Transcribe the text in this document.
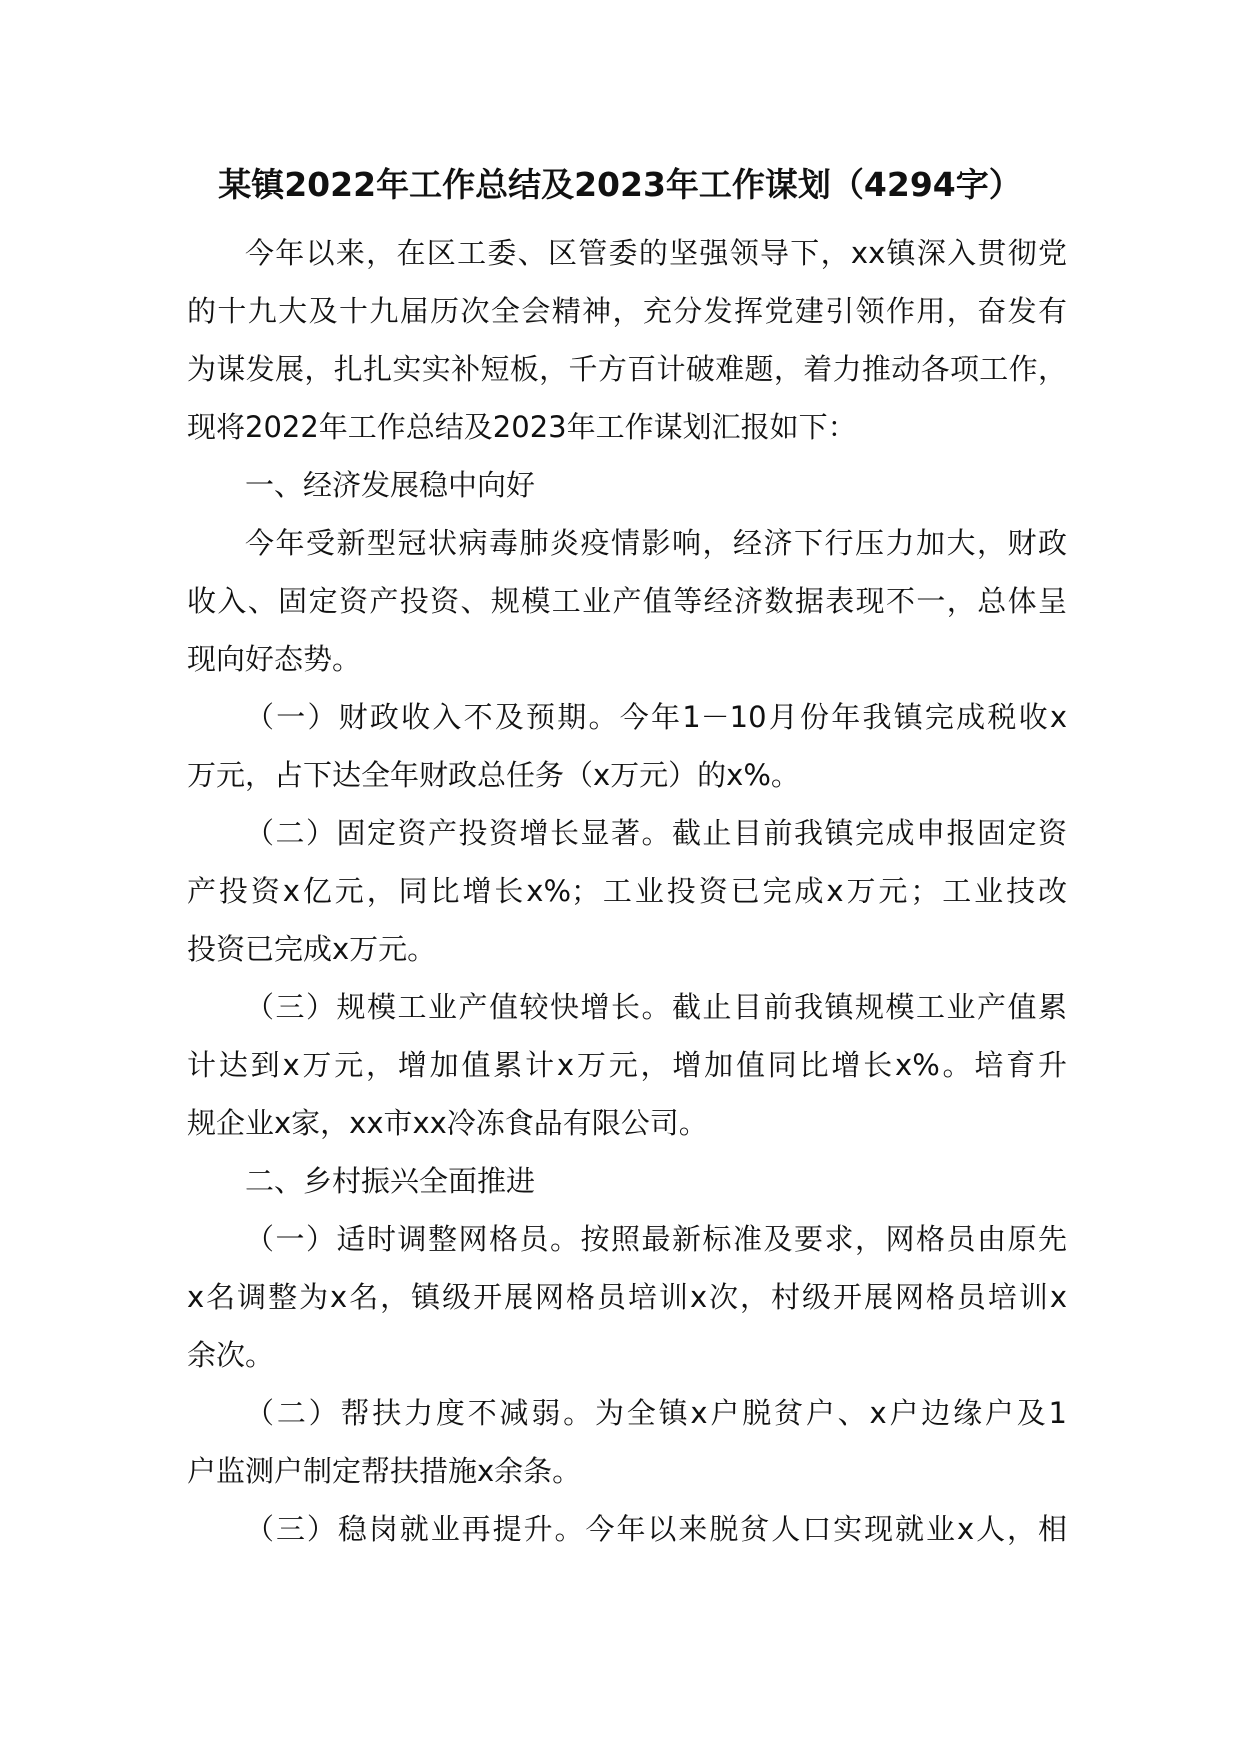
某镇2022年工作总结及2023年工作谋划（4294字）
今年以来，在区工委、区管委的坚强领导下，xx镇深入贯彻党
的十九大及十九届历次全会精神，充分发挥党建引领作用，奋发有
为谋发展，扎扎实实补短板，千方百计破难题，着力推动各项工作，
现将2022年工作总结及2023年工作谋划汇报如下：
一、经济发展稳中向好
今年受新型冠状病毒肺炎疫情影响，经济下行压力加大，财政
收入、固定资产投资、规模工业产值等经济数据表现不一，总体呈
现向好态势。
（一）财政收入不及预期。今年1－10月份年我镇完成税收x
万元，占下达全年财政总任务（x万元）的x%。
（二）固定资产投资增长显著。截止目前我镇完成申报固定资
产投资x亿元，同比增长x%；工业投资已完成x万元；工业技改
投资已完成x万元。
（三）规模工业产值较快增长。截止目前我镇规模工业产值累
计达到x万元，增加值累计x万元，增加值同比增长x%。培育升
规企业x家，xx市xx冷冻食品有限公司。
二、乡村振兴全面推进
（一）适时调整网格员。按照最新标准及要求，网格员由原先
x名调整为x名，镇级开展网格员培训x次，村级开展网格员培训x
余次。
（二）帮扶力度不减弱。为全镇x户脱贫户、x户边缘户及1
户监测户制定帮扶措施x余条。
（三）稳岗就业再提升。今年以来脱贫人口实现就业x人，相
